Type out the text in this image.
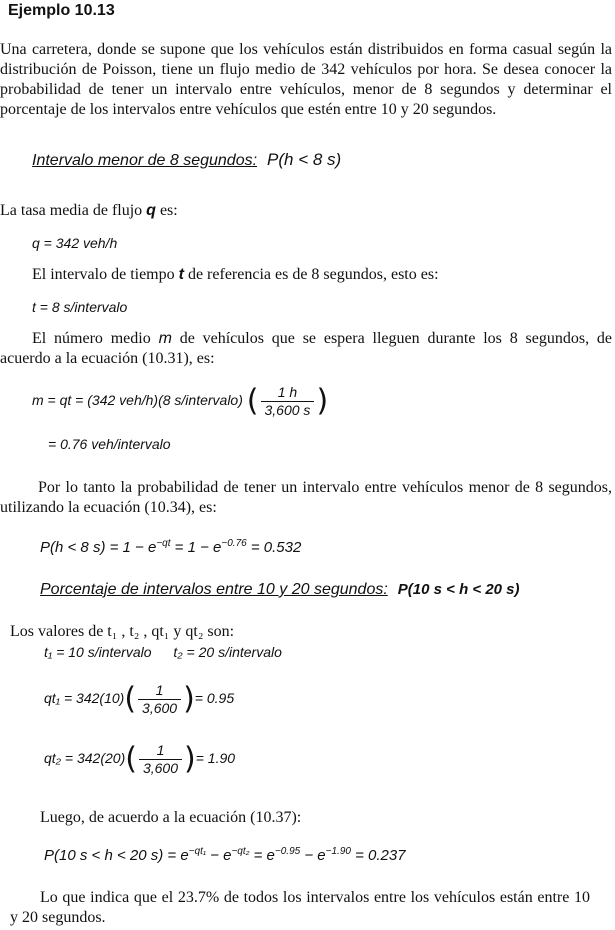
Ejemplo 10.13
Una carretera, donde se supone que los vehículos están distribuidos en forma casual según la distribución de Poisson, tiene un flujo medio de 342 vehículos por hora. Se desea conocer la probabilidad de tener un intervalo entre vehículos, menor de 8 segundos y determinar el porcentaje de los intervalos entre vehículos que estén entre 10 y 20 segundos.
Intervalo menor de 8 segundos: P(h < 8 s)
La tasa media de flujo q es:
q = 342 veh/h
El intervalo de tiempo t de referencia es de 8 segundos, esto es:
t = 8 s/intervalo
El número medio m de vehículos que se espera lleguen durante los 8 segundos, de acuerdo a la ecuación (10.31), es:
m = qt = (342 veh/h)(8 s/intervalo) ( $\frac{1 h}{3,600 s}$ )
= 0.76 veh/intervalo
Por lo tanto la probabilidad de tener un intervalo entre vehículos menor de 8 segundos, utilizando la ecuación (10.34), es:
P(h < 8 $s) = 1 - e^{-qt} = 1 - e^{-0.76} = 0.532$
Porcentaje de intervalos entre 10 y 20 segundos: P(10 s < h < 20 s)
Los valores de t₁ , t₂ , qt₁ y qt₂ son:
t₁ = 10 s/intervalo t₂ = 20 s/intervalo
$qt_1 = 342(10)( \frac{1}{3,600}$ )= 0.95
$qt_2 = 342(20)( \frac{1}{3,600}$ )= 1.90
Luego, de acuerdo a la ecuación (10.37):
P(10 s < h < 20 $s) = e^{-qt_1} - e^{-qt_2} = e^{-0.95} - e^{-1.90} = 0.237$
Lo que indica que el 23.7% de todos los intervalos entre los vehículos están entre 10 y 20 segundos.
